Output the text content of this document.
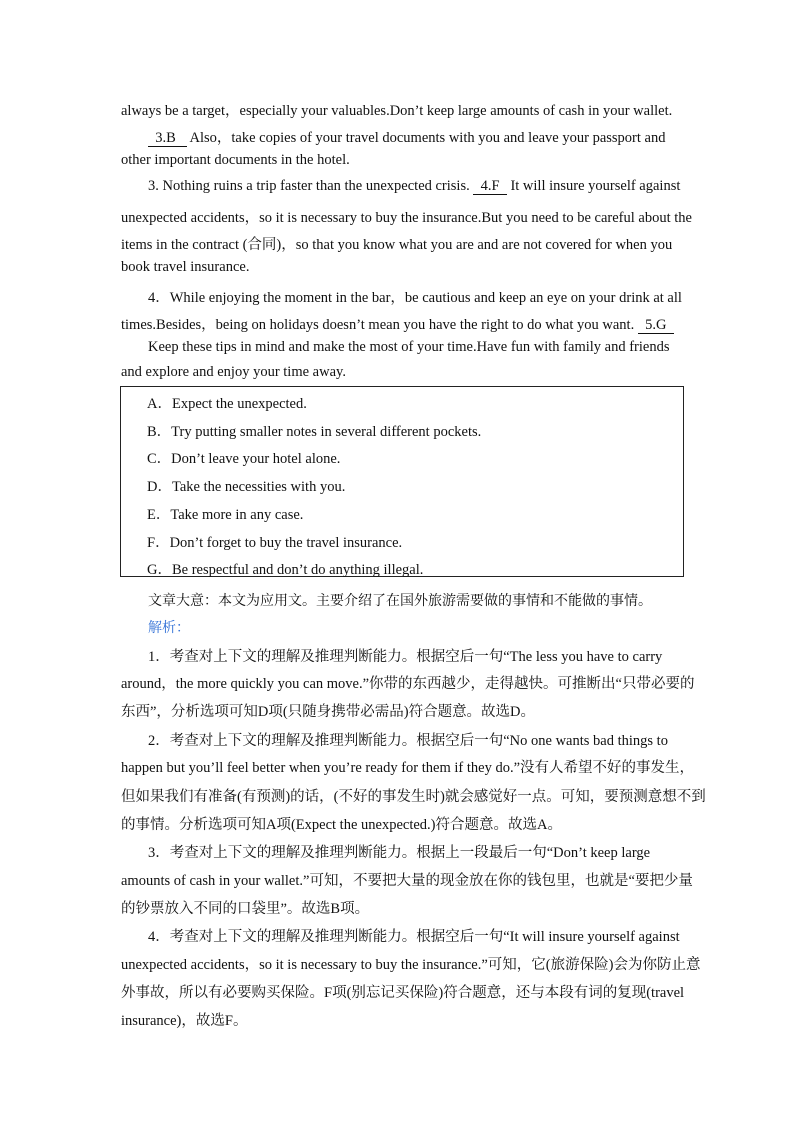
always be a target，especially your valuables.Don’t keep large amounts of cash in your wallet.
3.B Also，take copies of your travel documents with you and leave your passport and
other important documents in the hotel.
3. Nothing ruins a trip faster than the unexpected crisis. 4.F It will insure yourself against
unexpected accidents，so it is necessary to buy the insurance.But you need to be careful about the
items in the contract (合同)，so that you know what you are and are not covered for when you
book travel insurance.
4．While enjoying the moment in the bar，be cautious and keep an eye on your drink at all
times.Besides，being on holidays doesn’t mean you have the right to do what you want. 5.G
Keep these tips in mind and make the most of your time.Have fun with family and friends
and explore and enjoy your time away.
A．Expect the unexpected.
B．Try putting smaller notes in several different pockets.
C．Don’t leave your hotel alone.
D．Take the necessities with you.
E．Take more in any case.
F．Don’t forget to buy the travel insurance.
G．Be respectful and don’t do anything illegal.
文章大意：本文为应用文。主要介绍了在国外旅游需要做的事情和不能做的事情。
解析：
1．考查对上下文的理解及推理判断能力。根据空后一句“The less you have to carry
around，the more quickly you can move.”你带的东西越少，走得越快。可推断出“只带必要的
东西”，分析选项可知D项(只随身携带必需品)符合题意。故选D。
2．考查对上下文的理解及推理判断能力。根据空后一句“No one wants bad things to
happen but you’ll feel better when you’re ready for them if they do.”没有人希望不好的事发生，
但如果我们有准备(有预测)的话，(不好的事发生时)就会感觉好一点。可知，要预测意想不到
的事情。分析选项可知A项(Expect the unexpected.)符合题意。故选A。
3．考查对上下文的理解及推理判断能力。根据上一段最后一句“Don’t keep large
amounts of cash in your wallet.”可知，不要把大量的现金放在你的钱包里，也就是“要把少量
的钞票放入不同的口袋里”。故选B项。
4．考查对上下文的理解及推理判断能力。根据空后一句“It will insure yourself against
unexpected accidents，so it is necessary to buy the insurance.”可知，它(旅游保险)会为你防止意
外事故，所以有必要购买保险。F项(别忘记买保险)符合题意，还与本段有词的复现(travel
insurance)，故选F。
